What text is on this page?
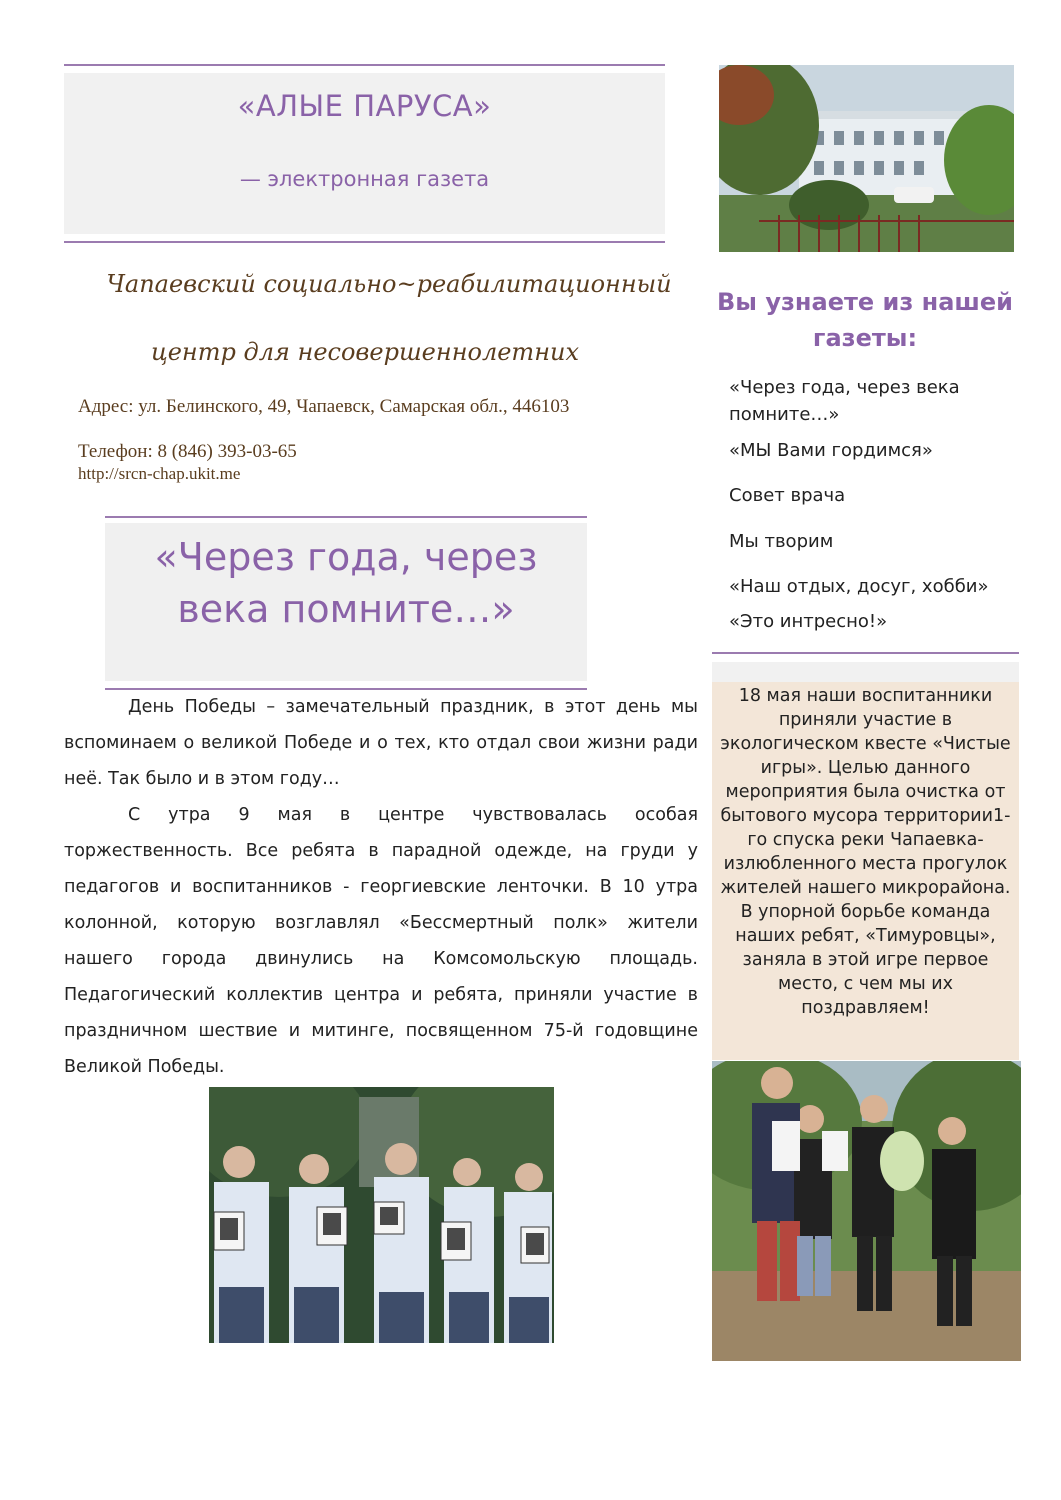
«АЛЫЕ ПАРУСА»
— электронная газета
Чапаевский социально~реабилитационный
центр для несовершеннолетних
Адрес: ул. Белинского, 49, Чапаевск, Самарская обл., 446103
Телефон: 8 (846) 393-03-65
http://srcn-chap.ukit.me
Вы узнаете из нашей газеты:
«Через года, через века помните…»
«МЫ Вами гордимся»
Совет врача
Мы творим
«Наш отдых, досуг, хобби»
«Это интресно!»
18 мая наши воспитанники приняли участие в экологическом квесте «Чистые игры». Целью данного мероприятия была очистка от бытового мусора территории1-го спуска реки Чапаевка- излюбленного места прогулок жителей нашего микрорайона. В упорной борьбе команда наших ребят, «Тимуровцы», заняла в этой игре первое место, с чем мы их поздравляем!
«Через года, через
века помните…»

День Победы – замечательный праздник, в этот день мы вспоминаем о великой Победе и о тех, кто отдал свои жизни ради неё. Так было и в этом году…

С утра 9 мая в центре чувствовалась особая торжественность. Все ребята в парадной одежде, на груди у педагогов и воспитанников - георгиевские ленточки. В 10 утра колонной, которую возглавлял «Бессмертный полк» жители нашего города двинулись на Комсомольскую площадь. Педагогический коллектив центра и ребята, приняли участие в праздничном шествие и митинге, посвященном 75-й годовщине Великой Победы.
